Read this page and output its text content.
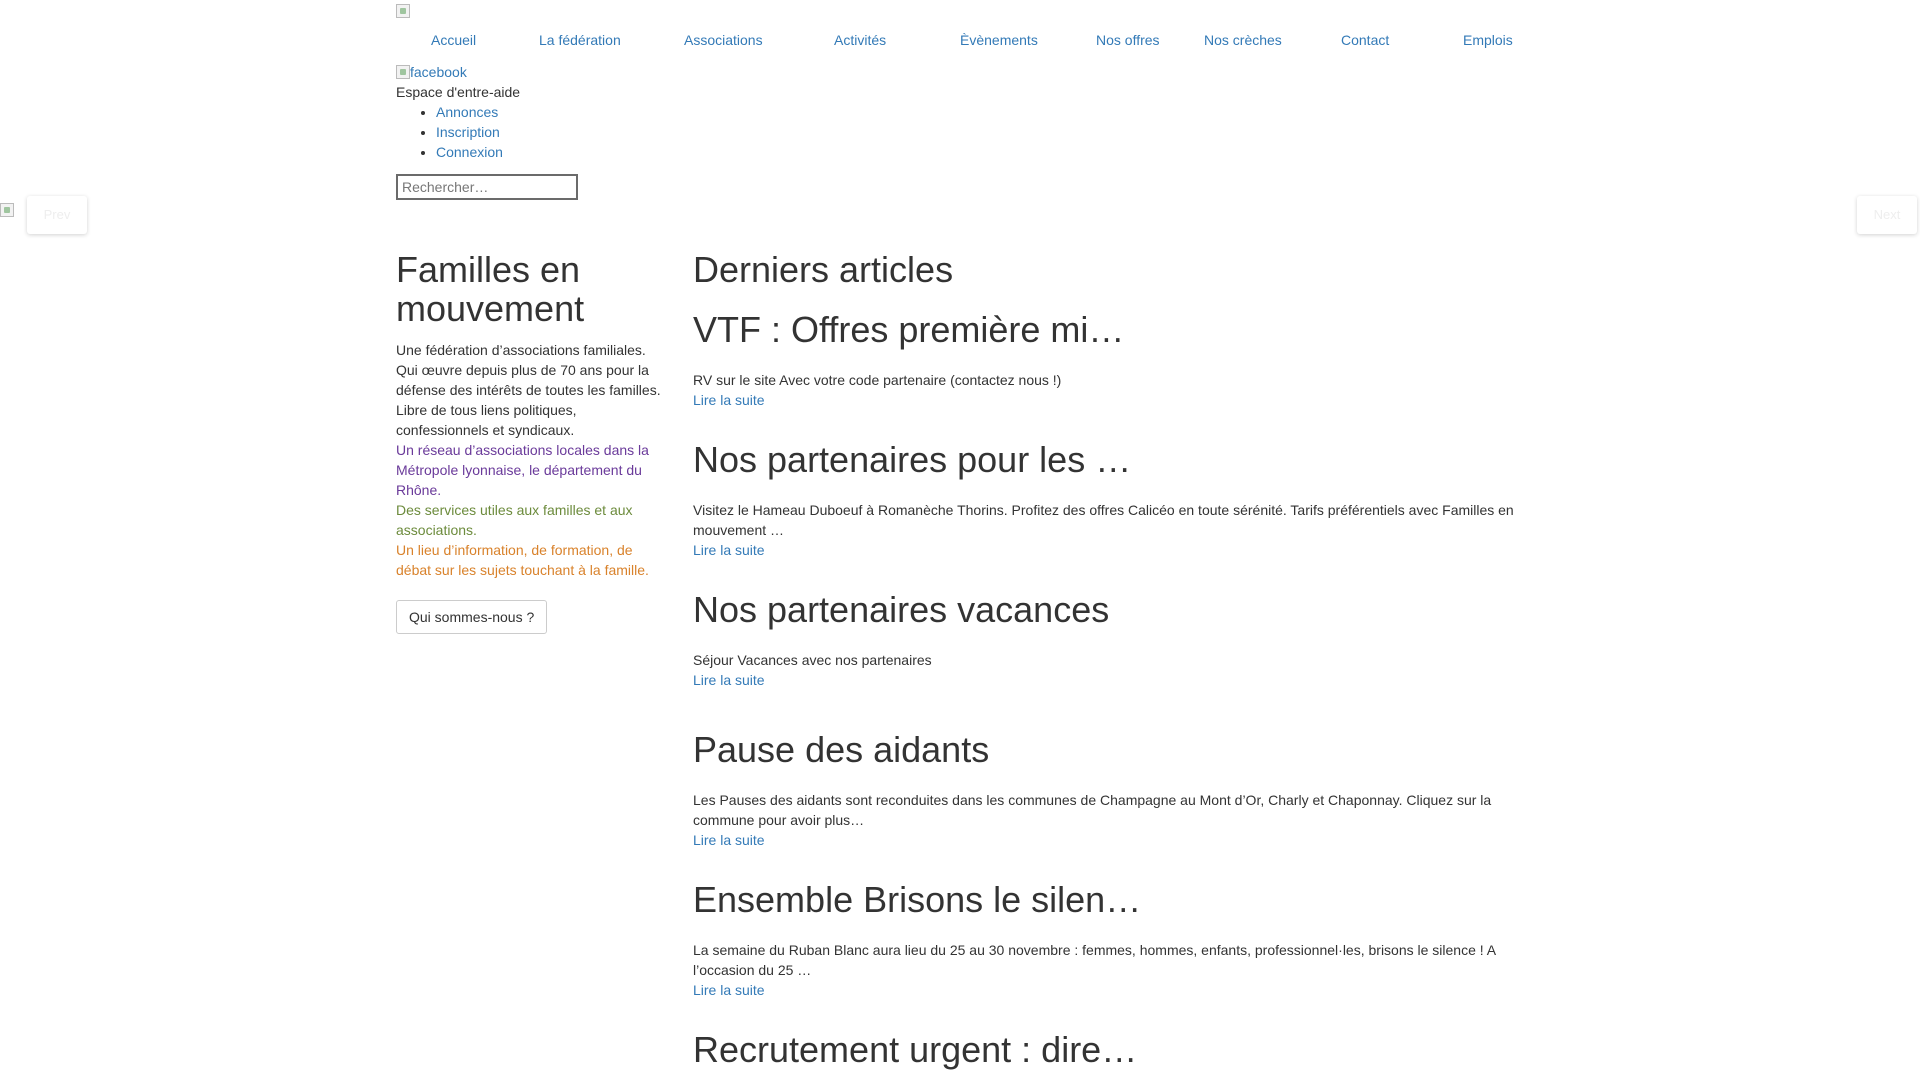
Accueil	La fédération	Associations	Activités	Èvènements	Nos offres	Nos crèches	Contact	Emplois
facebook
Espace d'entre-aide
• Annonces
• Inscription
• Connexion
Rechercher…
Prev	Next
Familles en mouvement

Une fédération d’associations familiales. Qui œuvre depuis plus de 70 ans pour la défense des intérêts de toutes les familles. Libre de tous liens politiques, confessionnels et syndicaux.

Un réseau d’associations locales dans la Métropole lyonnaise, le département du Rhône.

Des services utiles aux familles et aux associations.

Un lieu d’information, de formation, de débat sur les sujets touchant à la famille.

Qui sommes-nous ?
Derniers articles
VTF : Offres première mi…

RV sur le site Avec votre code partenaire (contactez nous !)

Lire la suite
Nos partenaires pour les …

Visitez le Hameau Duboeuf à Romanèche Thorins. Profitez des offres Calicéo en toute sérénité. Tarifs préférentiels avec Familles en mouvement …

Lire la suite
Nos partenaires vacances

Séjour Vacances avec nos partenaires

Lire la suite
Pause des aidants

Les Pauses des aidants sont reconduites dans les communes de Champagne au Mont d’Or, Charly et Chaponnay. Cliquez sur la commune pour avoir plus…

Lire la suite
Ensemble Brisons le silen…

La semaine du Ruban Blanc aura lieu du 25 au 30 novembre : femmes, hommes, enfants, professionnel·les, brisons le silence ! A l’occasion du 25 …

Lire la suite
Recrutement urgent : dire…
